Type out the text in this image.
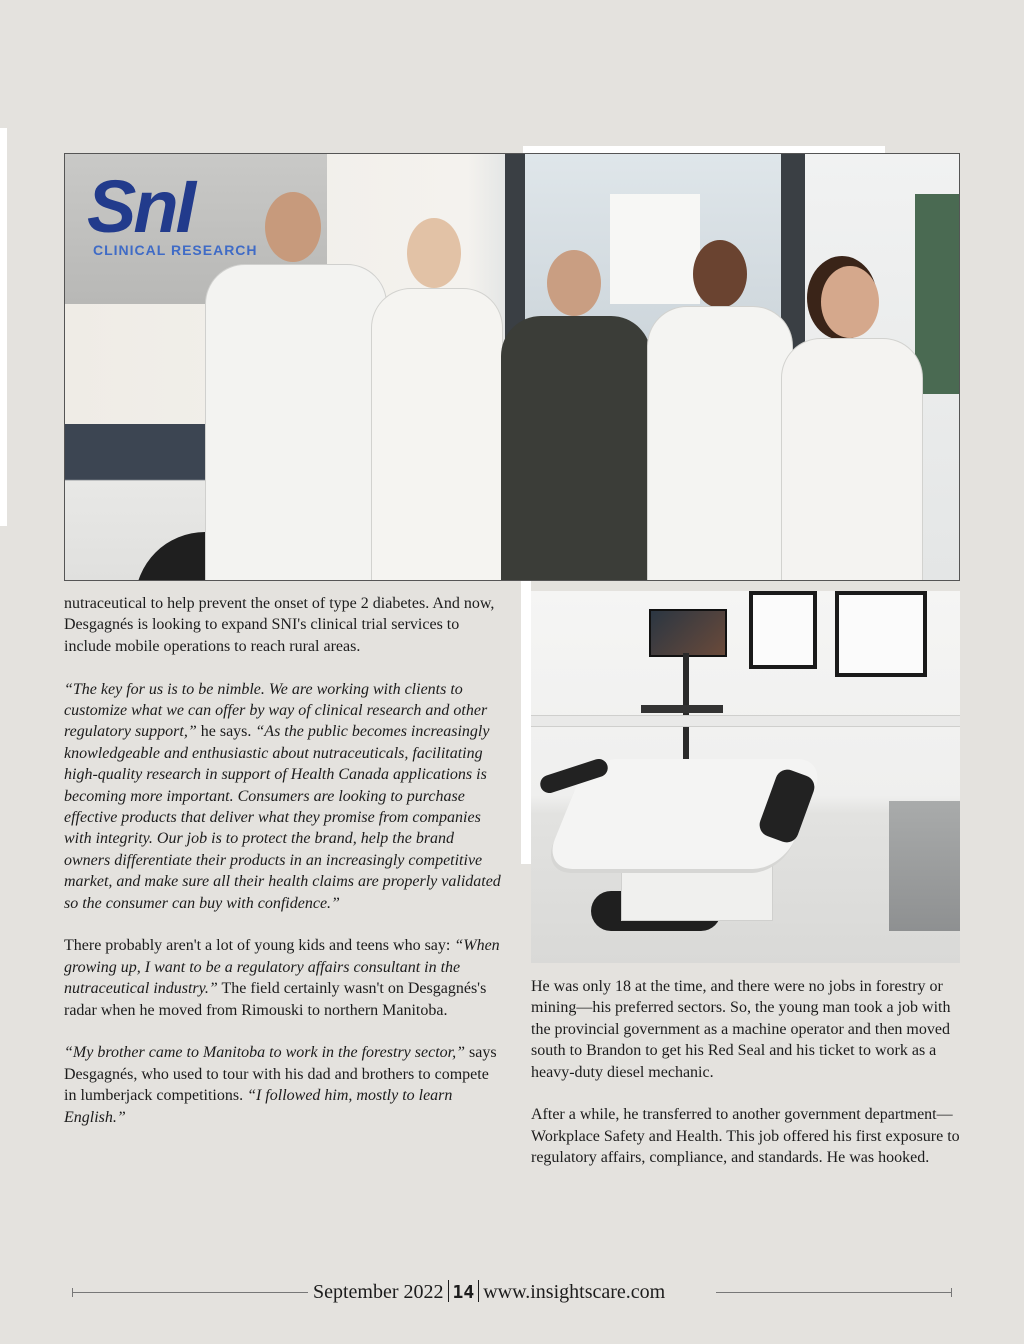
SnI
CLINICAL RESEARCH

nutraceutical to help prevent the onset of type 2 diabetes. And now, Desgagnés is looking to expand SNI's clinical trial services to include mobile operations to reach rural areas.

“The key for us is to be nimble. We are working with clients to customize what we can offer by way of clinical research and other regulatory support,” he says. “As the public becomes increasingly knowledgeable and enthusiastic about nutraceuticals, facilitating high-quality research in support of Health Canada applications is becoming more important. Consumers are looking to purchase effective products that deliver what they promise from companies with integrity. Our job is to protect the brand, help the brand owners differentiate their products in an increasingly competitive market, and make sure all their health claims are properly validated so the consumer can buy with confidence.”

There probably aren't a lot of young kids and teens who say: “When growing up, I want to be a regulatory affairs consultant in the nutraceutical industry.” The field certainly wasn't on Desgagnés's radar when he moved from Rimouski to northern Manitoba.

“My brother came to Manitoba to work in the forestry sector,” says Desgagnés, who used to tour with his dad and brothers to compete in lumberjack competitions. “I followed him, mostly to learn English.”

He was only 18 at the time, and there were no jobs in forestry or mining—his preferred sectors. So, the young man took a job with the provincial government as a machine operator and then moved south to Brandon to get his Red Seal and his ticket to work as a heavy-duty diesel mechanic.

After a while, he transferred to another government department—Workplace Safety and Health. This job offered his first exposure to regulatory affairs, compliance, and standards. He was hooked.

September 2022 14 www.insightscare.com
